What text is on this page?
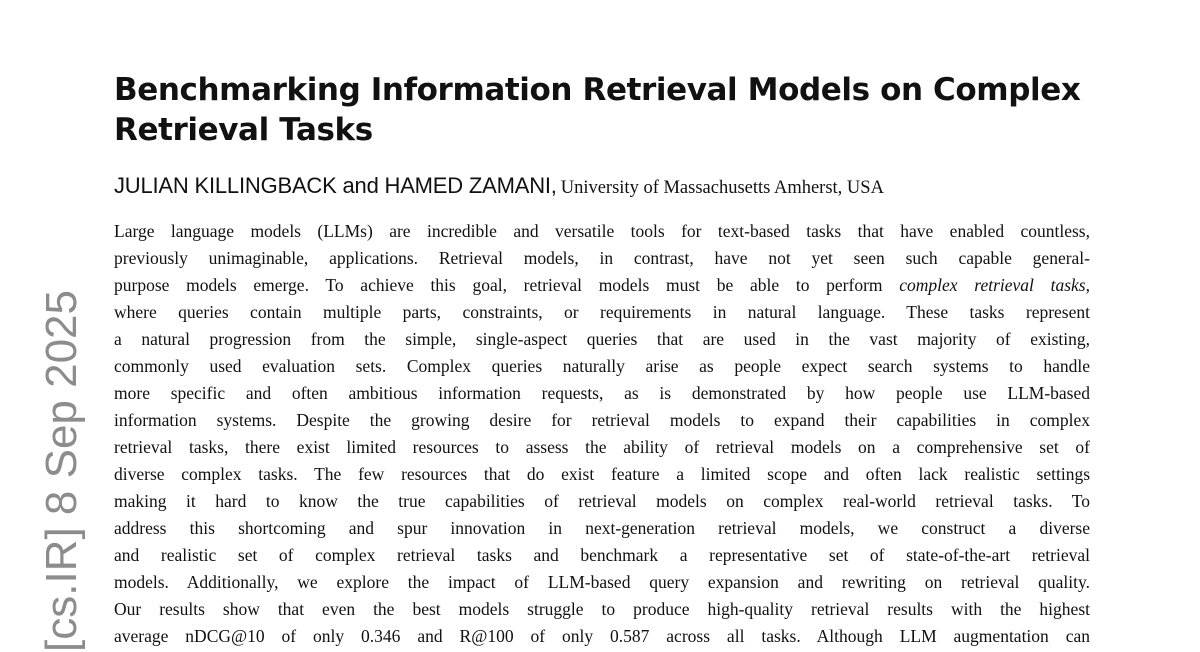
Benchmarking Information Retrieval Models on Complex Retrieval Tasks
JULIAN KILLINGBACK and HAMED ZAMANI, University of Massachusetts Amherst, USA
Large language models (LLMs) are incredible and versatile tools for text-based tasks that have enabled countless,
previously unimaginable, applications. Retrieval models, in contrast, have not yet seen such capable general-
purpose models emerge. To achieve this goal, retrieval models must be able to perform complex retrieval tasks,
where queries contain multiple parts, constraints, or requirements in natural language. These tasks represent
a natural progression from the simple, single-aspect queries that are used in the vast majority of existing,
commonly used evaluation sets. Complex queries naturally arise as people expect search systems to handle
more specific and often ambitious information requests, as is demonstrated by how people use LLM-based
information systems. Despite the growing desire for retrieval models to expand their capabilities in complex
retrieval tasks, there exist limited resources to assess the ability of retrieval models on a comprehensive set of
diverse complex tasks. The few resources that do exist feature a limited scope and often lack realistic settings
making it hard to know the true capabilities of retrieval models on complex real-world retrieval tasks. To
address this shortcoming and spur innovation in next-generation retrieval models, we construct a diverse
and realistic set of complex retrieval tasks and benchmark a representative set of state-of-the-art retrieval
models. Additionally, we explore the impact of LLM-based query expansion and rewriting on retrieval quality.
Our results show that even the best models struggle to produce high-quality retrieval results with the highest
average nDCG@10 of only 0.346 and R@100 of only 0.587 across all tasks. Although LLM augmentation can
[cs.IR] 8 Sep 2025
